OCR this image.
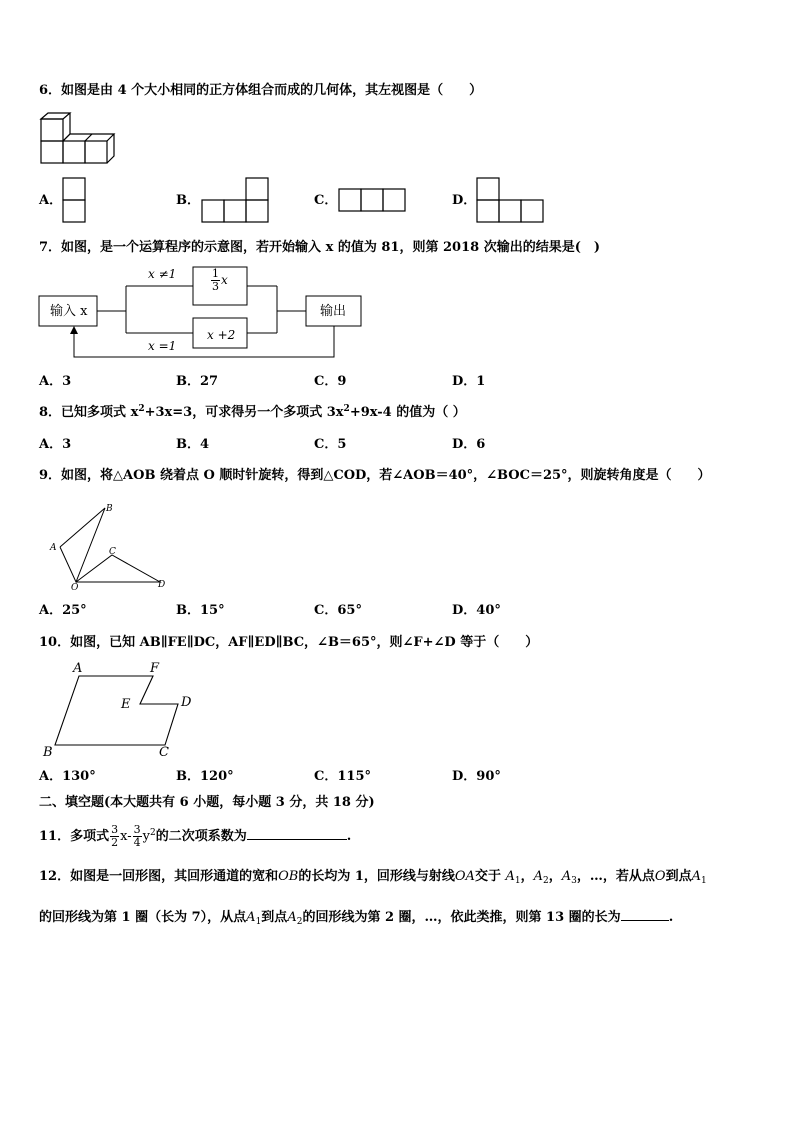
6．如图是由 4 个大小相同的正方体组合而成的几何体，其左视图是（　　）
A．	B．	C．	D．
7．如图，是一个运算程序的示意图，若开始输入 x 的值为 81，则第 2018 次输出的结果是(　)
输入 x	输出
x ≠1
x =1
$\frac{1}{3}$ x
x +2
A．3	B．27	C．9	D．1
8．已知多项式 $x^2+3x=3$，可求得另一个多项式 $3x^2+9x-4$ 的值为（ ）
A．3	B．4	C．5	D．6
9．如图，将△AOB 绕着点 O 顺时针旋转，得到△COD，若∠AOB＝40°，∠BOC＝25°，则旋转角度是（　　）
B
A	C
D
O
A．25°	B．15°	C．65°	D．40°
10．如图，已知 AB∥FE∥DC，AF∥ED∥BC，∠B＝65°，则∠F+∠D 等于（　　）
A	F
E	D
B	C
A．130°	B．120°	C．115°	D．90°
二、填空题(本大题共有 6 小题，每小题 3 分，共 18 分)
11．多项式 $\frac{3}{2} x- \frac{3}{4} y^2$的二次项系数为	.
12．如图是一回形图，其回形通道的宽和OB的长均为 1，回形线与射线OA交于 $A_1$，$A_2$，$A_3$，…，若从点O到点$A_1$
的回形线为第 1 圈（长为 7），从点$A_1$到点$A_2$的回形线为第 2 圈，…，依此类推，则第 13 圈的长为	.
